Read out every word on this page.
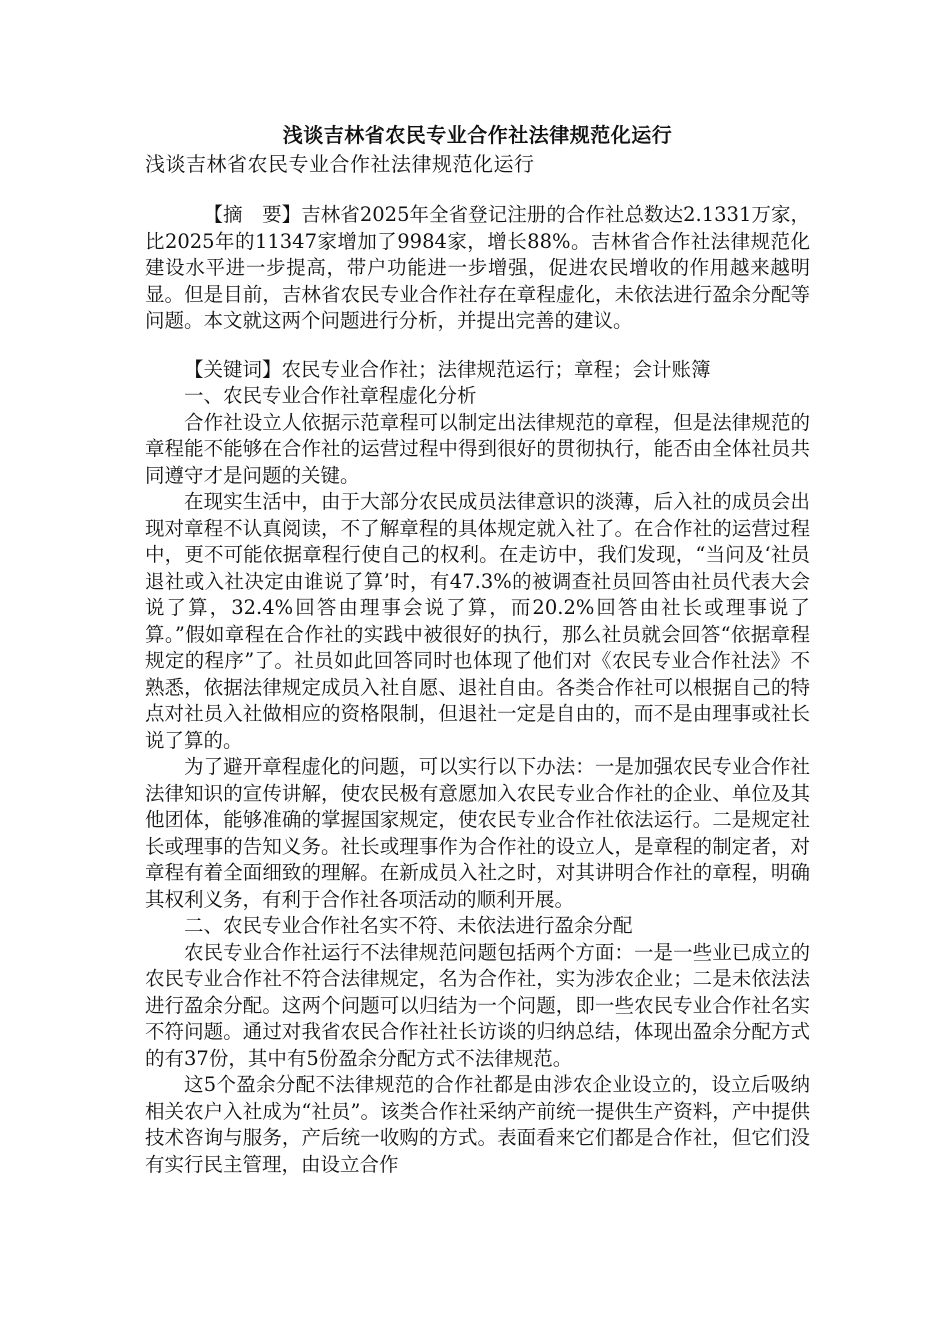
浅谈吉林省农民专业合作社法律规范化运行
浅谈吉林省农民专业合作社法律规范化运行

【摘　要】吉林省2025年全省登记注册的合作社总数达2.1331万家，比2025年的11347家增加了9984家，增长88%。吉林省合作社法律规范化建设水平进一步提高，带户功能进一步增强，促进农民增收的作用越来越明显。但是目前，吉林省农民专业合作社存在章程虚化，未依法进行盈余分配等问题。本文就这两个问题进行分析，并提出完善的建议。

【关键词】农民专业合作社；法律规范运行；章程；会计账簿

一、农民专业合作社章程虚化分析

合作社设立人依据示范章程可以制定出法律规范的章程，但是法律规范的章程能不能够在合作社的运营过程中得到很好的贯彻执行，能否由全体社员共同遵守才是问题的关键。

在现实生活中，由于大部分农民成员法律意识的淡薄，后入社的成员会出现对章程不认真阅读，不了解章程的具体规定就入社了。在合作社的运营过程中，更不可能依据章程行使自己的权利。在走访中，我们发现，“当问及‘社员退社或入社决定由谁说了算’时，有47.3%的被调查社员回答由社员代表大会说了算，32.4%回答由理事会说了算，而20.2%回答由社长或理事说了算。”假如章程在合作社的实践中被很好的执行，那么社员就会回答“依据章程规定的程序”了。社员如此回答同时也体现了他们对《农民专业合作社法》不熟悉，依据法律规定成员入社自愿、退社自由。各类合作社可以根据自己的特点对社员入社做相应的资格限制，但退社一定是自由的，而不是由理事或社长说了算的。

为了避开章程虚化的问题，可以实行以下办法：一是加强农民专业合作社法律知识的宣传讲解，使农民极有意愿加入农民专业合作社的企业、单位及其他团体，能够准确的掌握国家规定，使农民专业合作社依法运行。二是规定社长或理事的告知义务。社长或理事作为合作社的设立人，是章程的制定者，对章程有着全面细致的理解。在新成员入社之时，对其讲明合作社的章程，明确其权利义务，有利于合作社各项活动的顺利开展。

二、农民专业合作社名实不符、未依法进行盈余分配

农民专业合作社运行不法律规范问题包括两个方面：一是一些业已成立的农民专业合作社不符合法律规定，名为合作社，实为涉农企业；二是未依法法进行盈余分配。这两个问题可以归结为一个问题，即一些农民专业合作社名实不符问题。通过对我省农民合作社社长访谈的归纳总结，体现出盈余分配方式的有37份，其中有5份盈余分配方式不法律规范。

这5个盈余分配不法律规范的合作社都是由涉农企业设立的，设立后吸纳相关农户入社成为“社员”。该类合作社采纳产前统一提供生产资料，产中提供技术咨询与服务，产后统一收购的方式。表面看来它们都是合作社，但它们没有实行民主管理，由设立合作
